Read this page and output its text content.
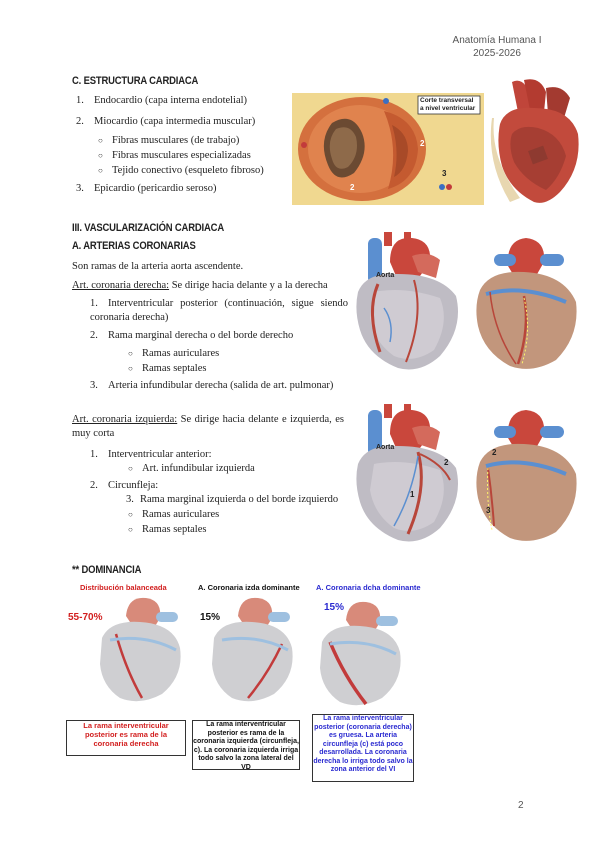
Anatomía Humana I
2025-2026
C. ESTRUCTURA CARDIACA
1. Endocardio (capa interna endotelial)
2. Miocardio (capa intermedia muscular)
○ Fibras musculares (de trabajo)
○ Fibras musculares especializadas
○ Tejido conectivo (esqueleto fibroso)
3. Epicardio (pericardio seroso)
Corte transversal a nivel ventricular
2
2
3
III. VASCULARIZACIÓN CARDIACA
A. ARTERIAS CORONARIAS
Son ramas de la arteria aorta ascendente.
Art. coronaria derecha: Se dirige hacia delante y a la derecha
1. Interventricular posterior (continuación, sigue siendo coronaria derecha)
2. Rama marginal derecha o del borde derecho
○ Ramas auriculares
○ Ramas septales
3. Arteria infundibular derecha (salida de art. pulmonar)
Aorta
Art. coronaria izquierda: Se dirige hacia delante e izquierda, es muy corta
1. Interventricular anterior:
○ Art. infundibular izquierda
2. Circunfleja:
3. Rama marginal izquierda o del borde izquierdo
○ Ramas auriculares
○ Ramas septales
Aorta
1
2
2
3
** DOMINANCIA
Distribución balanceada
55-70%
La rama interventricular posterior es rama de la coronaria derecha
A. Coronaria izda dominante
15%
La rama interventricular posterior es rama de la coronaria izquierda (circunfleja, c). La coronaria izquierda irriga todo salvo la zona lateral del VD
A. Coronaria dcha dominante
15%
La rama interventricular posterior (coronaria derecha) es gruesa. La arteria circunfleja (c) está poco desarrollada. La coronaria derecha lo irriga todo salvo la zona anterior del VI
2
